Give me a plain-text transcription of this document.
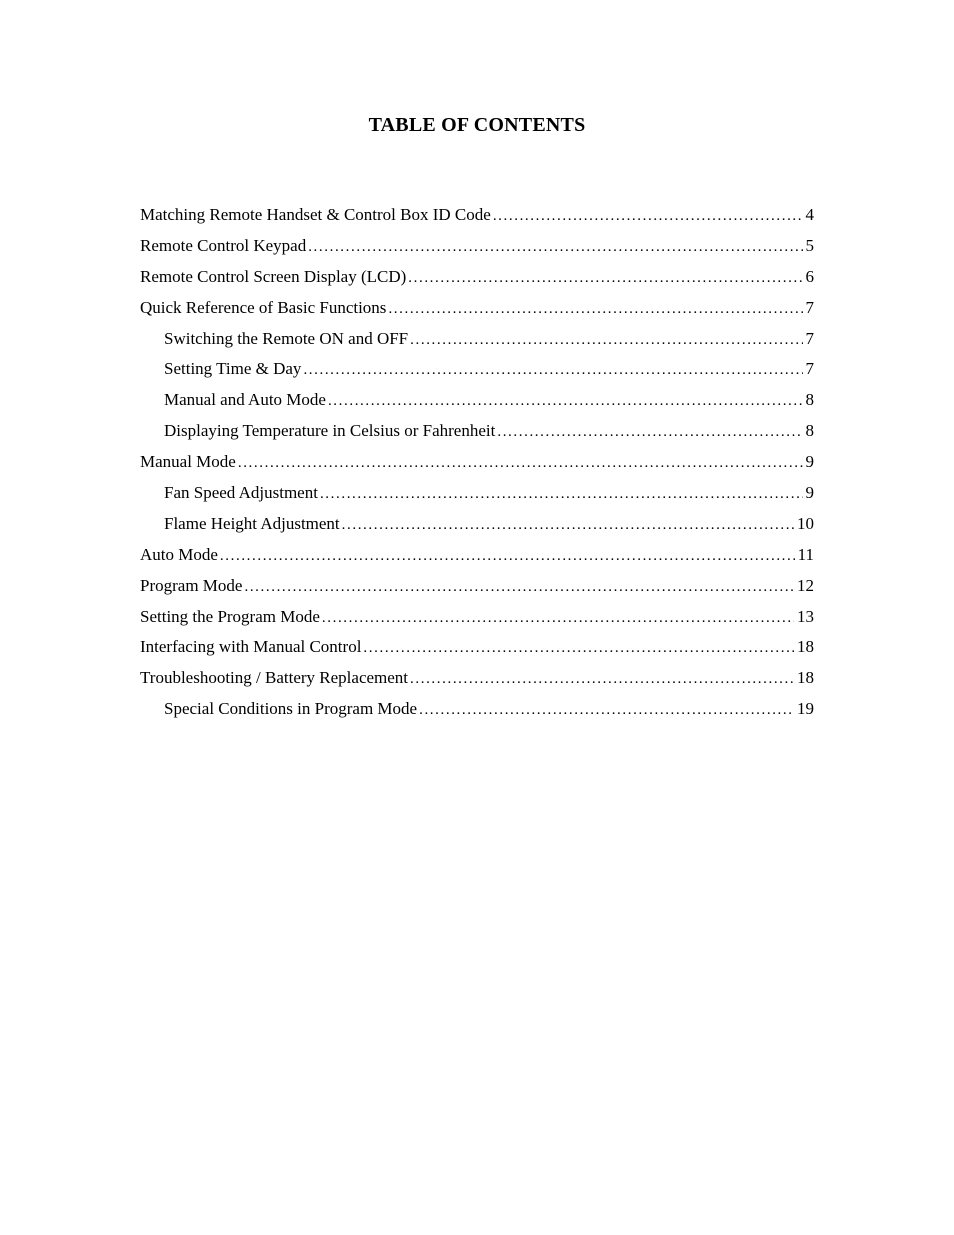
TABLE OF CONTENTS
Matching Remote Handset & Control Box ID Code .....	4
Remote Control Keypad .....	5
Remote Control Screen Display (LCD) .....	6
Quick Reference of Basic Functions .....	7
Switching the Remote ON and OFF .....	7
Setting Time & Day .....	7
Manual and Auto Mode .....	8
Displaying Temperature in Celsius or Fahrenheit .....	8
Manual Mode .....	9
Fan Speed Adjustment .....	9
Flame Height Adjustment .....	10
Auto Mode .....	11
Program Mode .....	12
Setting the Program Mode .....	13
Interfacing with Manual Control .....	18
Troubleshooting / Battery Replacement .....	18
Special Conditions in Program Mode .....	19
